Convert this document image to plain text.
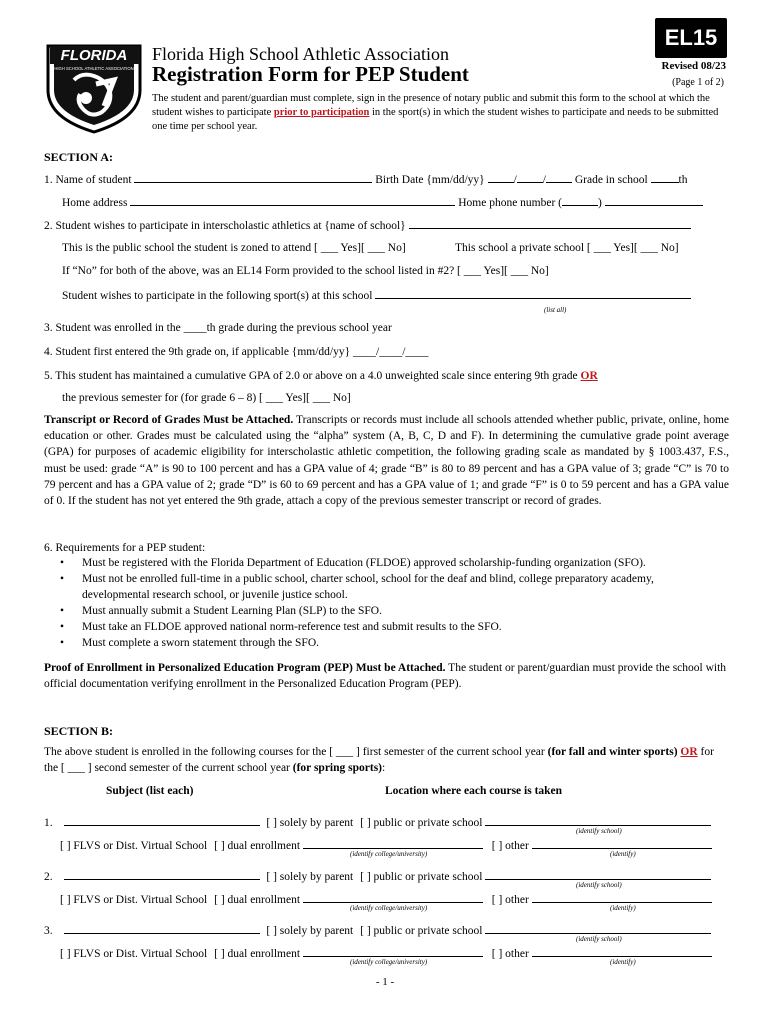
FLORIDA
HIGH SCHOOL ATHLETIC ASSOCIATION
EL15
Florida High School Athletic Association
Registration Form for PEP Student	Revised 08/23
(Page 1 of 2)
The student and parent/guardian must complete, sign in the presence of notary public and submit this form to the school at which the student wishes to participate prior to participation in the sport(s) in which the student wishes to participate and needs to be submitted one time per school year.
SECTION A:
1. Name of student	Birth Date {mm/dd/yy}	/ /	Grade in school	th
Home address	Home phone number (	)
2. Student wishes to participate in interscholastic athletics at {name of school}
This is the public school the student is zoned to attend [ ___ Yes][ ___ No]	This school a private school [ ___ Yes][ ___ No]
If “No” for both of the above, was an EL14 Form provided to the school listed in #2? [ ___ Yes][ ___ No]
Student wishes to participate in the following sport(s) at this school
(list all)
3. Student was enrolled in the ____th grade during the previous school year
4. Student first entered the 9th grade on, if applicable {mm/dd/yy} ____/____/____
5. This student has maintained a cumulative GPA of 2.0 or above on a 4.0 unweighted scale since entering 9th grade OR
the previous semester for (for grade 6 – 8) [ ___ Yes][ ___ No]
Transcript or Record of Grades Must be Attached. Transcripts or records must include all schools attended whether public, private, online, home education or other. Grades must be calculated using the “alpha” system (A, B, C, D and F). In determining the cumulative grade point average (GPA) for purposes of academic eligibility for interscholastic athletic competition, the following grading scale as mandated by § 1003.437, F.S., must be used: grade “A” is 90 to 100 percent and has a GPA value of 4; grade “B” is 80 to 89 percent and has a GPA value of 3; grade “C” is 70 to 79 percent and has a GPA value of 2; grade “D” is 60 to 69 percent and has a GPA value of 1; and grade “F” is 0 to 59 percent and has a GPA value of 0. If the student has not yet entered the 9th grade, attach a copy of the previous semester transcript or record of grades.
6. Requirements for a PEP student:
• Must be registered with the Florida Department of Education (FLDOE) approved scholarship-funding organization (SFO).
• Must not be enrolled full-time in a public school, charter school, school for the deaf and blind, college preparatory academy, developmental research school, or juvenile justice school.
• Must annually submit a Student Learning Plan (SLP) to the SFO.
• Must take an FLDOE approved national norm-reference test and submit results to the SFO.
• Must complete a sworn statement through the SFO.
Proof of Enrollment in Personalized Education Program (PEP) Must be Attached. The student or parent/guardian must provide the school with official documentation verifying enrollment in the Personalized Education Program (PEP).
SECTION B:
The above student is enrolled in the following courses for the [ ___ ] first semester of the current school year (for fall and winter sports) OR for the [ ___ ] second semester of the current school year (for spring sports):
Subject (list each)	Location where each course is taken
1.	[ ] solely by parent [ ] public or private school
(identify school)
[ ] FLVS or Dist. Virtual School [ ] dual enrollment	[ ] other
(identify college/university)	(identify)
2.	[ ] solely by parent [ ] public or private school
(identify school)
[ ] FLVS or Dist. Virtual School [ ] dual enrollment	[ ] other
(identify college/university)	(identify)
3.	[ ] solely by parent [ ] public or private school
(identify school)
[ ] FLVS or Dist. Virtual School [ ] dual enrollment	[ ] other
(identify college/university)	(identify)
- 1 -
